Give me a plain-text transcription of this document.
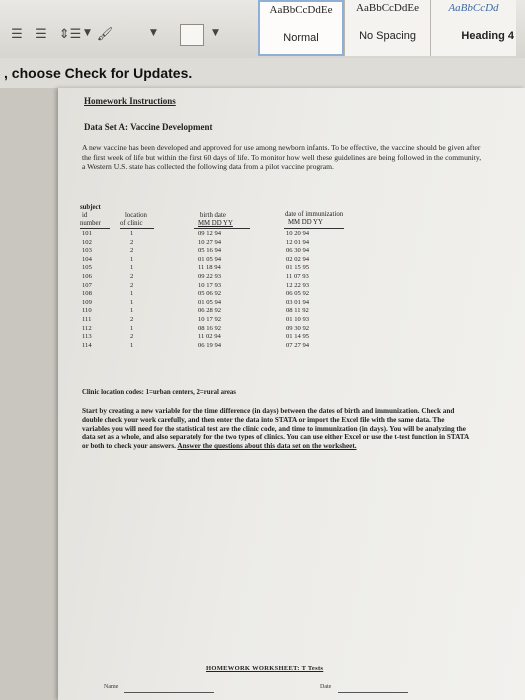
☰ ☰ ⇕☰ ▼ 🖌	▼	▼
AaBbCcDdEe
Normal
AaBbCcDdEe
No Spacing
AaBbCcDd
Heading 4
, choose Check for Updates.
Homework Instructions
Data Set A: Vaccine Development
A new vaccine has been developed and approved for use among newborn infants. To be effective, the vaccine should be given after the first week of life but within the first 60 days of life. To monitor how well these guidelines are being followed in the community, a Western U.S. state has collected the following data from a pilot vaccine program.
subject
id
number
location
of clinic
birth date
MM DD YY
date of immunization
MM DD YY
101	1	09 12 94	10 20 94
102	2	10 27 94	12 01 94
103	2	05 16 94	06 30 94
104	1	01 05 94	02 02 94
105	1	11 18 94	01 15 95
106	2	09 22 93	11 07 93
107	2	10 17 93	12 22 93
108	1	05 06 92	06 05 92
109	1	01 05 94	03 01 94
110	1	06 28 92	08 11 92
111	2	10 17 92	01 10 93
112	1	08 16 92	09 30 92
113	2	11 02 94	01 14 95
114	1	06 19 94	07 27 94
Clinic location codes: 1=urban centers, 2=rural areas
Start by creating a new variable for the time difference (in days) between the dates of birth and immunization. Check and double check your work carefully, and then enter the data into STATA or import the Excel file with the same data. The variables you will need for the statistical test are the clinic code, and time to immunization (in days). You will be analyzing the data set as a whole, and also separately for the two types of clinics. You can use either Excel or use the t-test function in STATA or both to check your answers. Answer the questions about this data set on the worksheet.
HOMEWORK WORKSHEET: T Tests
Name	Date
